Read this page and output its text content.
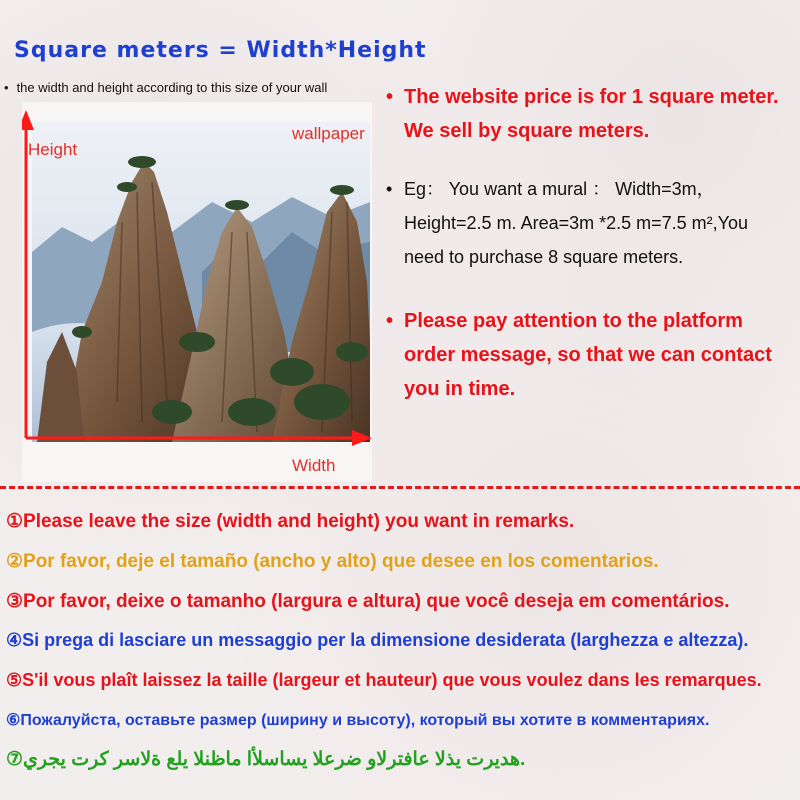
Square meters = Width*Height
• the width and height according to this size of your wall
Height
wallpaper
Width
• The website price is for 1 square meter.
We sell by square meters.
• Eg： You want a mural ： Width=3m，
Height=2.5 m. Area=3m *2.5 m=7.5 m²,You
need to purchase 8 square meters.
• Please pay attention to the platform
order message, so that we can contact
you in time.
①Please leave the size (width and height) you want in remarks.
②Por favor, deje el tamaño (ancho y alto) que desee en los comentarios.
③Por favor, deixe o tamanho (largura e altura) que você deseja em comentários.
④Si prega di lasciare un messaggio per la dimensione desiderata (larghezza e altezza).
⑤S'il vous plaît laissez la taille (largeur et hauteur) que vous voulez dans les remarques.
⑥Пожалуйста, оставьте размер (ширину и высоту), который вы хотите в комментариях.
⑦هديرت يذلا عافترلاو ضرعلا يساسلأا ماظنلا يلع ةلاسر كرت يجري.
